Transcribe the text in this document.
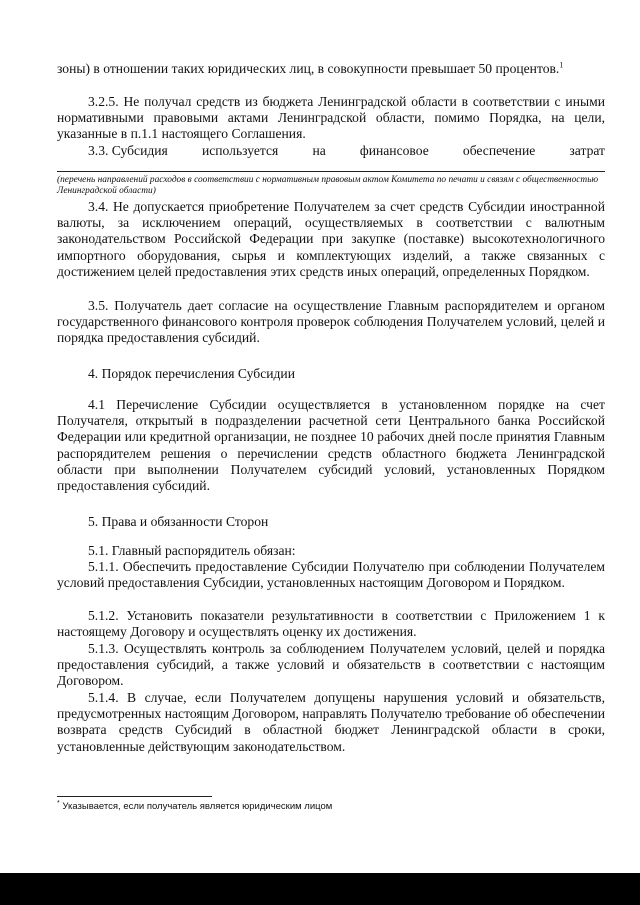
зоны) в отношении таких юридических лиц, в совокупности превышает 50 процентов.$^1$

3.2.5. Не получал средств из бюджета Ленинградской области в соответствии с иными нормативными правовыми актами Ленинградской области, помимо Порядка, на цели, указанные в п.1.1 настоящего Соглашения.

3.3. Субсидия	используется	на	финансовое	обеспечение	затрат

(перечень направлений расходов в соответствии с нормативным правовым актом Комитета по печати и связям с общественностью Ленинградской области)

3.4. Не допускается приобретение Получателем за счет средств Субсидии иностранной валюты, за исключением операций, осуществляемых в соответствии с валютным законодательством Российской Федерации при закупке (поставке) высокотехнологичного импортного оборудования, сырья и комплектующих изделий, а также связанных с достижением целей предоставления этих средств иных операций, определенных Порядком.

3.5. Получатель дает согласие на осуществление Главным распорядителем и органом государственного финансового контроля проверок соблюдения Получателем условий, целей и порядка предоставления субсидий.

4. Порядок перечисления Субсидии

4.1 Перечисление Субсидии осуществляется в установленном порядке на счет Получателя, открытый в подразделении расчетной сети Центрального банка Российской Федерации или кредитной организации, не позднее 10 рабочих дней после принятия Главным распорядителем решения о перечислении средств областного бюджета Ленинградской области при выполнении Получателем субсидий условий, установленных Порядком предоставления субсидий.

5. Права и обязанности Сторон

5.1. Главный распорядитель обязан:

5.1.1. Обеспечить предоставление Субсидии Получателю при соблюдении Получателем условий предоставления Субсидии, установленных настоящим Договором и Порядком.

5.1.2. Установить показатели результативности в соответствии с Приложением 1 к настоящему Договору и осуществлять оценку их достижения.

5.1.3. Осуществлять контроль за соблюдением Получателем условий, целей и порядка предоставления субсидий, а также условий и обязательств в соответствии с настоящим Договором.

5.1.4. В случае, если Получателем допущены нарушения условий и обязательств, предусмотренных настоящим Договором, направлять Получателю требование об обеспечении возврата средств Субсидий в областной бюджет Ленинградской области в сроки, установленные действующим законодательством.

* Указывается, если получатель является юридическим лицом
